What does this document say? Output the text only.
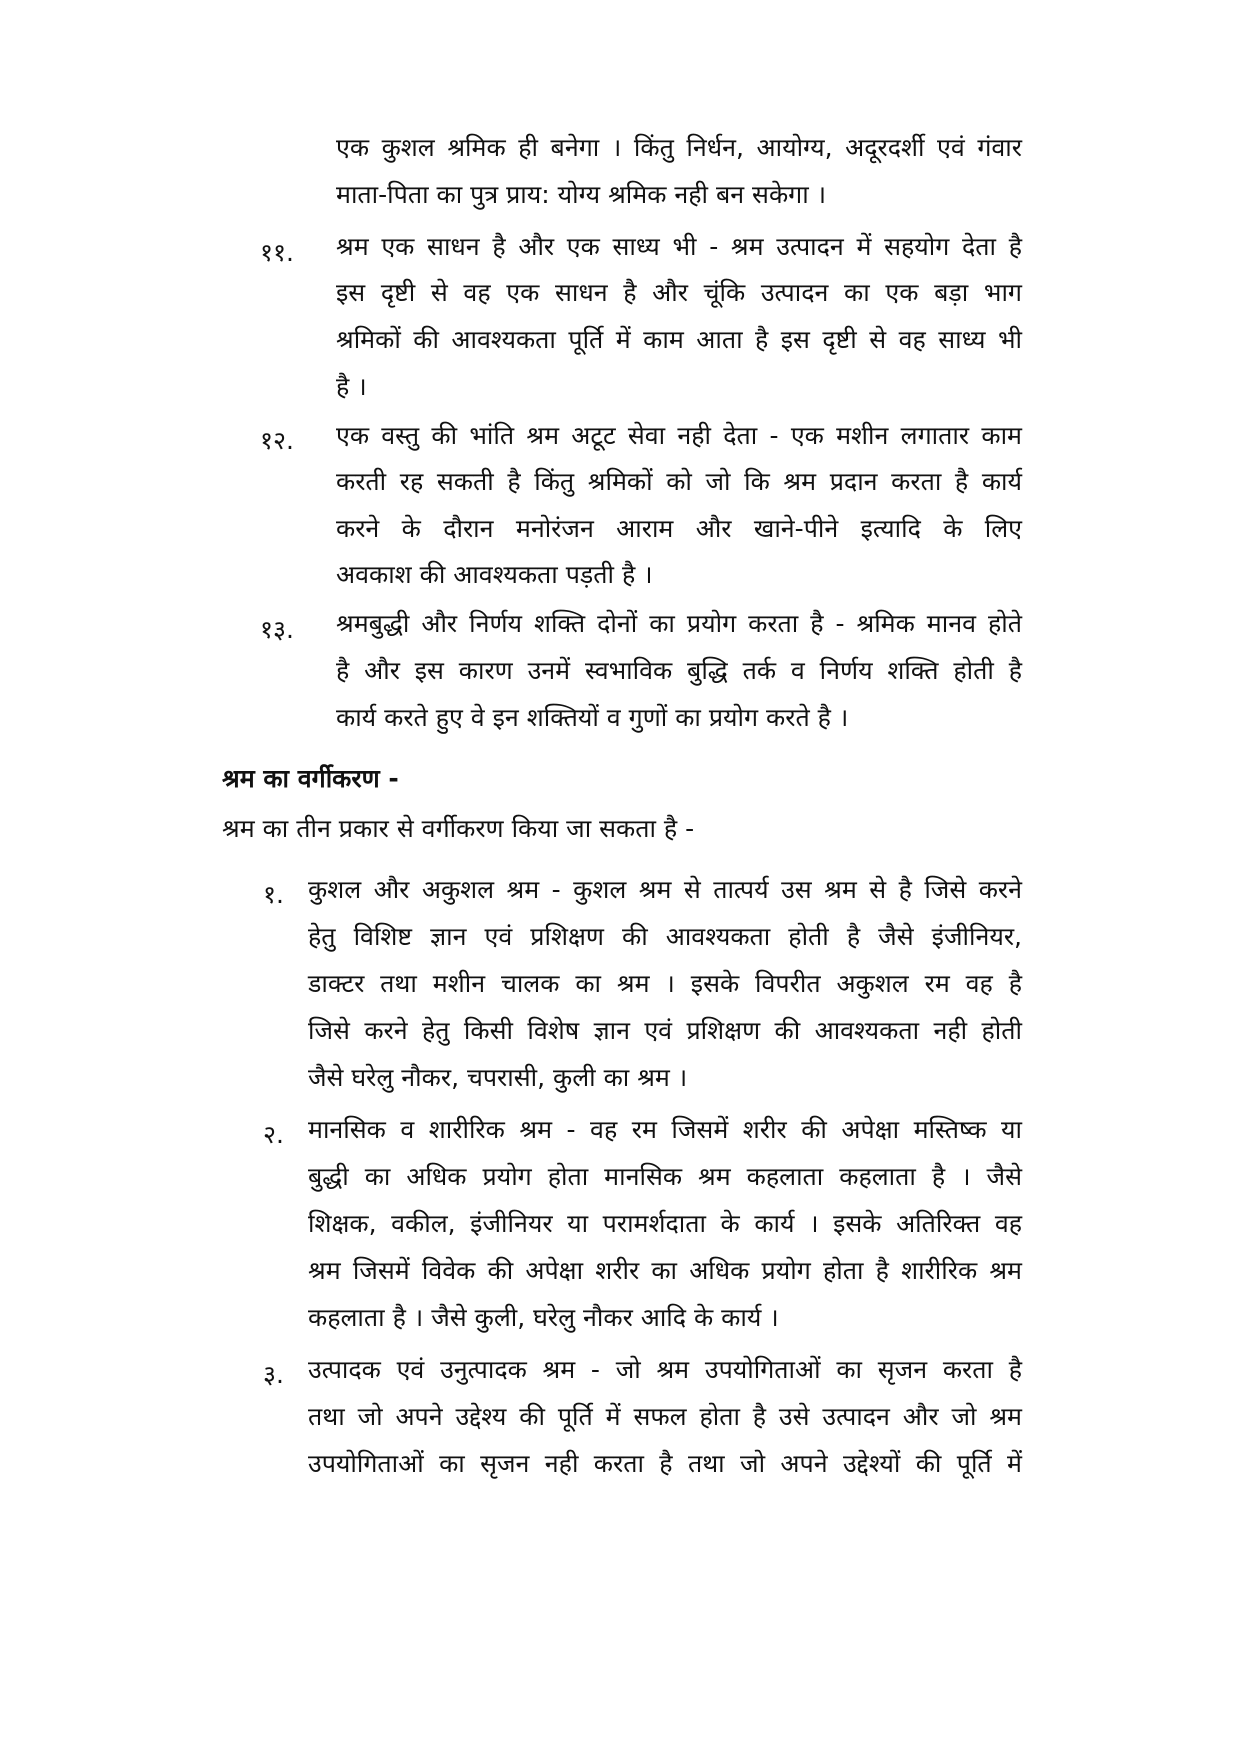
एक कुशल श्रमिक ही बनेगा । किंतु निर्धन, आयोग्य, अदूरदर्शी एवं गंवार
माता-पिता का पुत्र प्राय: योग्य श्रमिक नही बन सकेगा ।
११. श्रम एक साधन है और एक साध्य भी - श्रम उत्पादन में सहयोग देता है
इस दृष्टी से वह एक साधन है और चूंकि उत्पादन का एक बड़ा भाग
श्रमिकों की आवश्यकता पूर्ति में काम आता है इस दृष्टी से वह साध्य भी
है ।
१२. एक वस्तु की भांति श्रम अटूट सेवा नही देता - एक मशीन लगातार काम
करती रह सकती है किंतु श्रमिकों को जो कि श्रम प्रदान करता है कार्य
करने के दौरान मनोरंजन आराम और खाने-पीने इत्यादि के लिए
अवकाश की आवश्यकता पड़ती है ।
१३. श्रमबुद्धी और निर्णय शक्ति दोनों का प्रयोग करता है - श्रमिक मानव होते
है और इस कारण उनमें स्वभाविक बुद्धि तर्क व निर्णय शक्ति होती है
कार्य करते हुए वे इन शक्तियों व गुणों का प्रयोग करते है ।
श्रम का वर्गीकरण -
श्रम का तीन प्रकार से वर्गीकरण किया जा सकता है -
१. कुशल और अकुशल श्रम - कुशल श्रम से तात्पर्य उस श्रम से है जिसे करने
हेतु विशिष्ट ज्ञान एवं प्रशिक्षण की आवश्यकता होती है जैसे इंजीनियर,
डाक्टर तथा मशीन चालक का श्रम । इसके विपरीत अकुशल रम वह है
जिसे करने हेतु किसी विशेष ज्ञान एवं प्रशिक्षण की आवश्यकता नही होती
जैसे घरेलु नौकर, चपरासी, कुली का श्रम ।
२. मानसिक व शारीरिक श्रम - वह रम जिसमें शरीर की अपेक्षा मस्तिष्क या
बुद्धी का अधिक प्रयोग होता मानसिक श्रम कहलाता कहलाता है । जैसे
शिक्षक, वकील, इंजीनियर या परामर्शदाता के कार्य । इसके अतिरिक्त वह
श्रम जिसमें विवेक की अपेक्षा शरीर का अधिक प्रयोग होता है शारीरिक श्रम
कहलाता है । जैसे कुली, घरेलु नौकर आदि के कार्य ।
३. उत्पादक एवं उनुत्पादक श्रम - जो श्रम उपयोगिताओं का सृजन करता है
तथा जो अपने उद्देश्य की पूर्ति में सफल होता है उसे उत्पादन और जो श्रम
उपयोगिताओं का सृजन नही करता है तथा जो अपने उद्देश्यों की पूर्ति में
